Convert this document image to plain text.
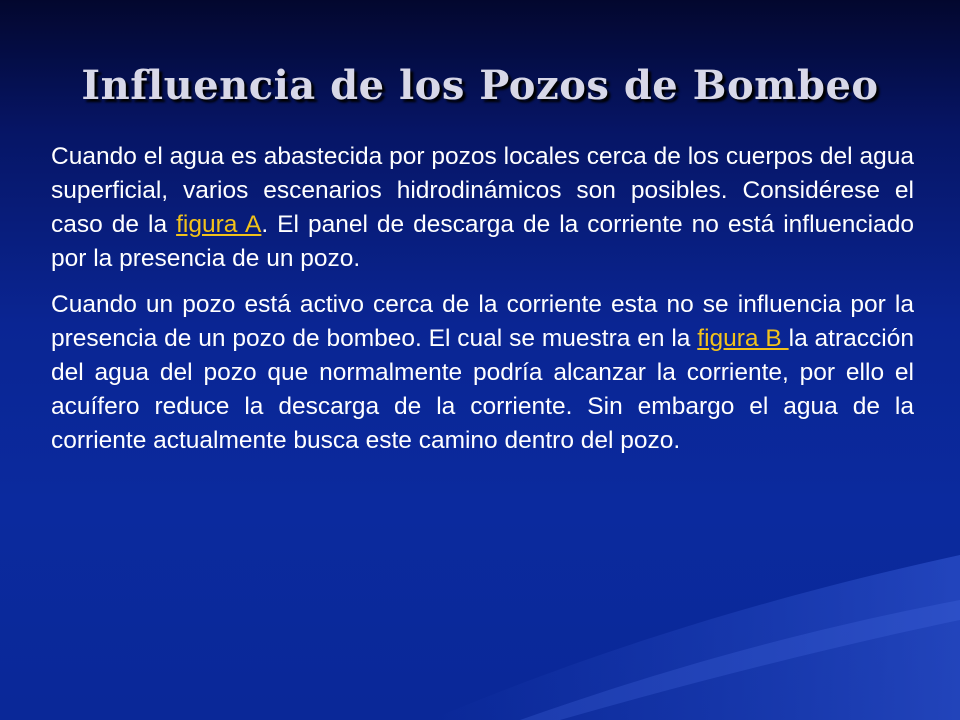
Influencia de los Pozos de Bombeo

Cuando el agua es abastecida por pozos locales cerca de los cuerpos del agua superficial, varios escenarios hidrodinámicos son posibles. Considérese el caso de la figura A. El panel de descarga de la corriente no está influenciado por la presencia de un pozo.

Cuando un pozo está activo cerca de la corriente esta no se influencia por la presencia de un pozo de bombeo. El cual se muestra en la figura B la atracción del agua del pozo que normalmente podría alcanzar la corriente, por ello el acuífero reduce la descarga de la corriente. Sin embargo el agua de la corriente actualmente busca este camino dentro del pozo.
